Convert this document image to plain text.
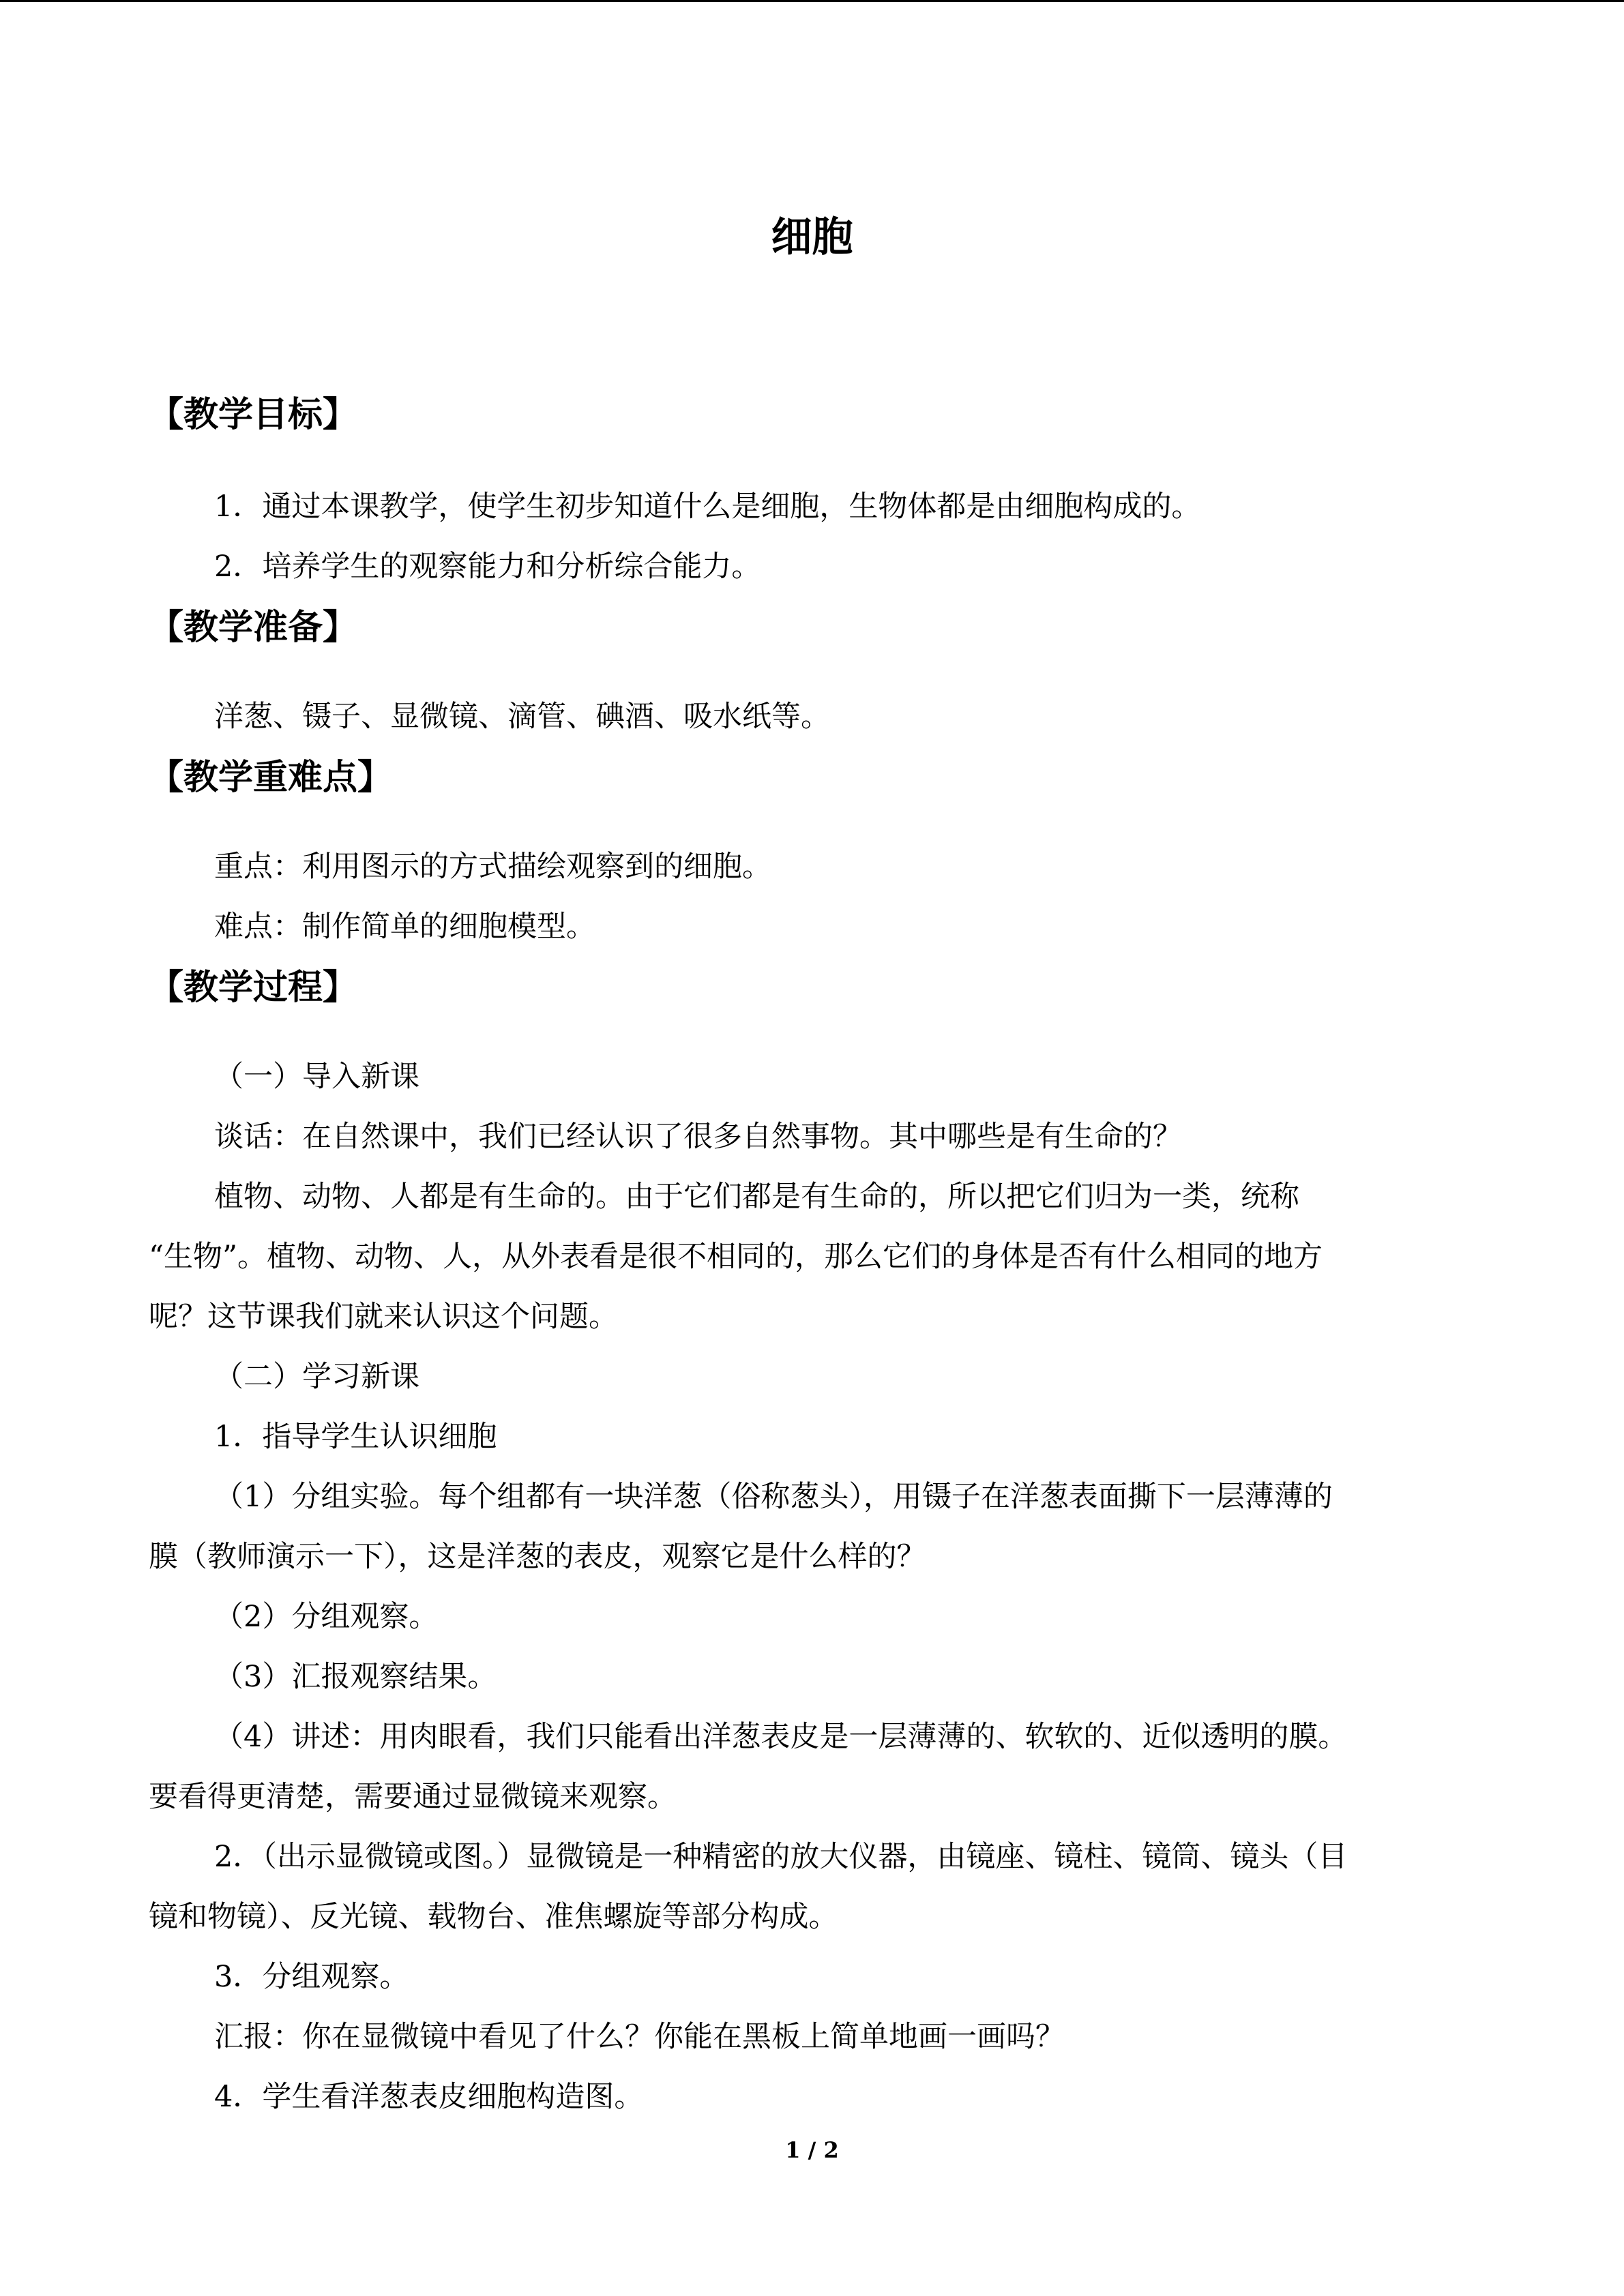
细胞
【教学目标】

1．通过本课教学，使学生初步知道什么是细胞，生物体都是由细胞构成的。

2．培养学生的观察能力和分析综合能力。

【教学准备】

洋葱、镊子、显微镜、滴管、碘酒、吸水纸等。

【教学重难点】

重点：利用图示的方式描绘观察到的细胞。

难点：制作简单的细胞模型。

【教学过程】

（一）导入新课

谈话：在自然课中，我们已经认识了很多自然事物。其中哪些是有生命的？

植物、动物、人都是有生命的。由于它们都是有生命的，所以把它们归为一类，统称

“生物”。植物、动物、人，从外表看是很不相同的，那么它们的身体是否有什么相同的地方

呢？这节课我们就来认识这个问题。

（二）学习新课

1．指导学生认识细胞

（1）分组实验。每个组都有一块洋葱（俗称葱头），用镊子在洋葱表面撕下一层薄薄的

膜（教师演示一下），这是洋葱的表皮，观察它是什么样的？

（2）分组观察。

（3）汇报观察结果。

（4）讲述：用肉眼看，我们只能看出洋葱表皮是一层薄薄的、软软的、近似透明的膜。

要看得更清楚，需要通过显微镜来观察。

2．（出示显微镜或图。）显微镜是一种精密的放大仪器，由镜座、镜柱、镜筒、镜头（目

镜和物镜）、反光镜、载物台、准焦螺旋等部分构成。

3．分组观察。

汇报：你在显微镜中看见了什么？你能在黑板上简单地画一画吗？

4．学生看洋葱表皮细胞构造图。

1 / 2
